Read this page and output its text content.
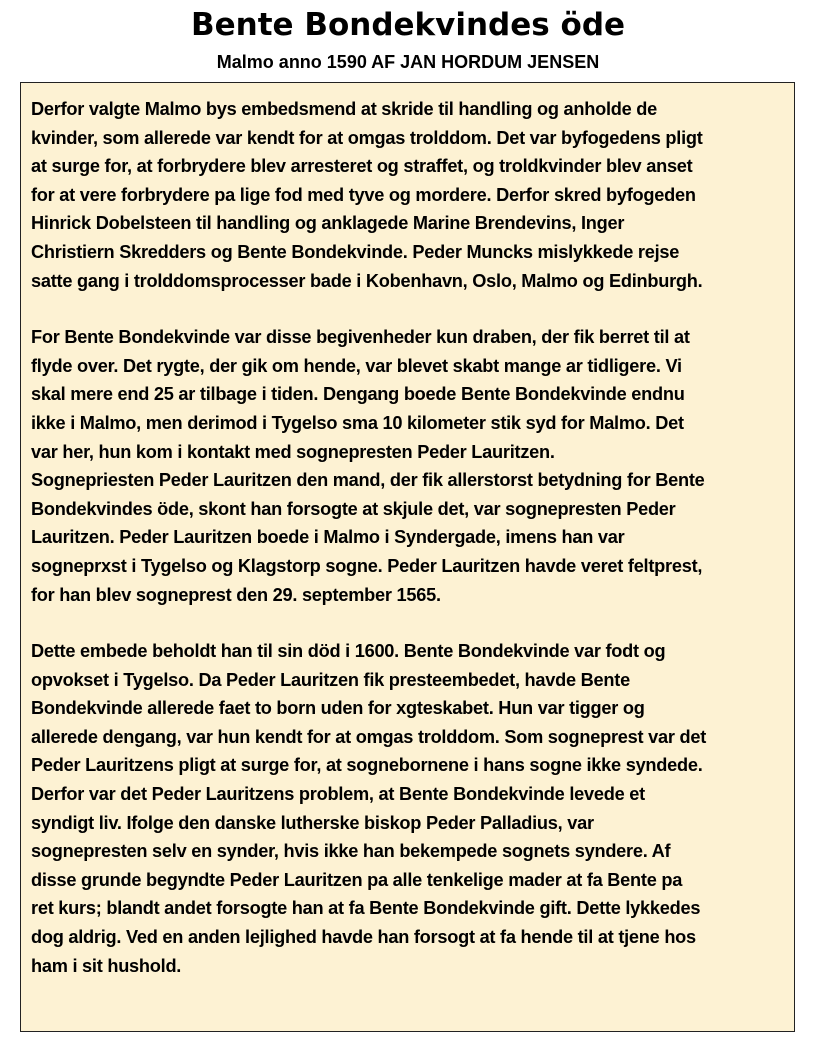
Bente Bondekvindes öde
Malmo anno 1590 AF JAN HORDUM JENSEN

Derfor valgte Malmo bys embedsmend at skride til handling og anholde de
kvinder, som allerede var kendt for at omgas trolddom. Det var byfogedens pligt
at surge for, at forbrydere blev arresteret og straffet, og troldkvinder blev anset
for at vere forbrydere pa lige fod med tyve og mordere. Derfor skred byfogeden
Hinrick Dobelsteen til handling og anklagede Marine Brendevins, Inger
Christiern Skredders og Bente Bondekvinde. Peder Muncks mislykkede rejse
satte gang i trolddomsprocesser bade i Kobenhavn, Oslo, Malmo og Edinburgh.

For Bente Bondekvinde var disse begivenheder kun draben, der fik berret til at
flyde over. Det rygte, der gik om hende, var blevet skabt mange ar tidligere. Vi
skal mere end 25 ar tilbage i tiden. Dengang boede Bente Bondekvinde endnu
ikke i Malmo, men derimod i Tygelso sma 10 kilometer stik syd for Malmo. Det
var her, hun kom i kontakt med sognepresten Peder Lauritzen.
Sognepriesten Peder Lauritzen den mand, der fik allerstorst betydning for Bente
Bondekvindes öde, skont han forsogte at skjule det, var sognepresten Peder
Lauritzen. Peder Lauritzen boede i Malmo i Syndergade, imens han var
sogneprxst i Tygelso og Klagstorp sogne. Peder Lauritzen havde veret feltprest,
for han blev sogneprest den 29. september 1565.

Dette embede beholdt han til sin död i 1600. Bente Bondekvinde var fodt og
opvokset i Tygelso. Da Peder Lauritzen fik presteembedet, havde Bente
Bondekvinde allerede faet to born uden for xgteskabet. Hun var tigger og
allerede dengang, var hun kendt for at omgas trolddom. Som sogneprest var det
Peder Lauritzens pligt at surge for, at sognebornene i hans sogne ikke syndede.
Derfor var det Peder Lauritzens problem, at Bente Bondekvinde levede et
syndigt liv. Ifolge den danske lutherske biskop Peder Palladius, var
sognepresten selv en synder, hvis ikke han bekempede sognets syndere. Af
disse grunde begyndte Peder Lauritzen pa alle tenkelige mader at fa Bente pa
ret kurs; blandt andet forsogte han at fa Bente Bondekvinde gift. Dette lykkedes
dog aldrig. Ved en anden lejlighed havde han forsogt at fa hende til at tjene hos
ham i sit hushold.
